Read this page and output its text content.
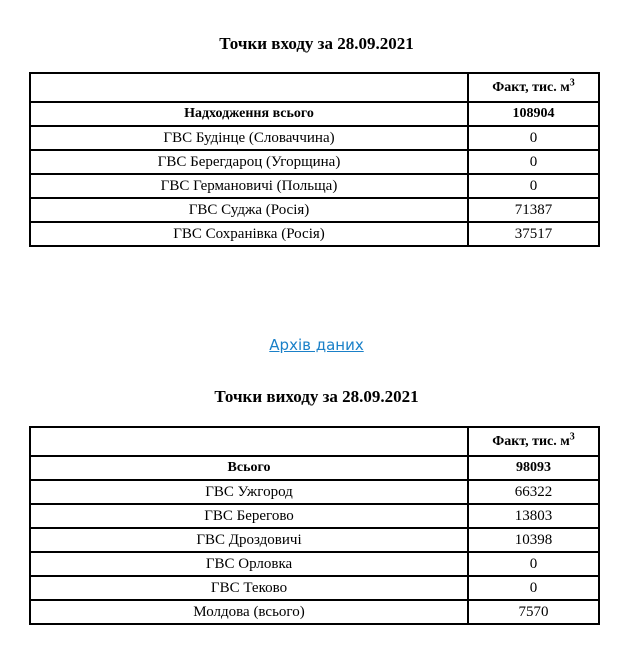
Точки входу за 28.09.2021
	Факт, тис. $м^3$
Надходження всього	108904
ГВС Будінце (Словаччина)	0
ГВС Берегдароц (Угорщина)	0
ГВС Германовичі (Польща)	0
ГВС Суджа (Росія)	71387
ГВС Сохранівка (Росія)	37517
Архів даних
Точки виходу за 28.09.2021
	Факт, тис. $м^3$
Всього	98093
ГВС Ужгород	66322
ГВС Берегово	13803
ГВС Дроздовичі	10398
ГВС Орловка	0
ГВС Теково	0
Молдова (всього)	7570
